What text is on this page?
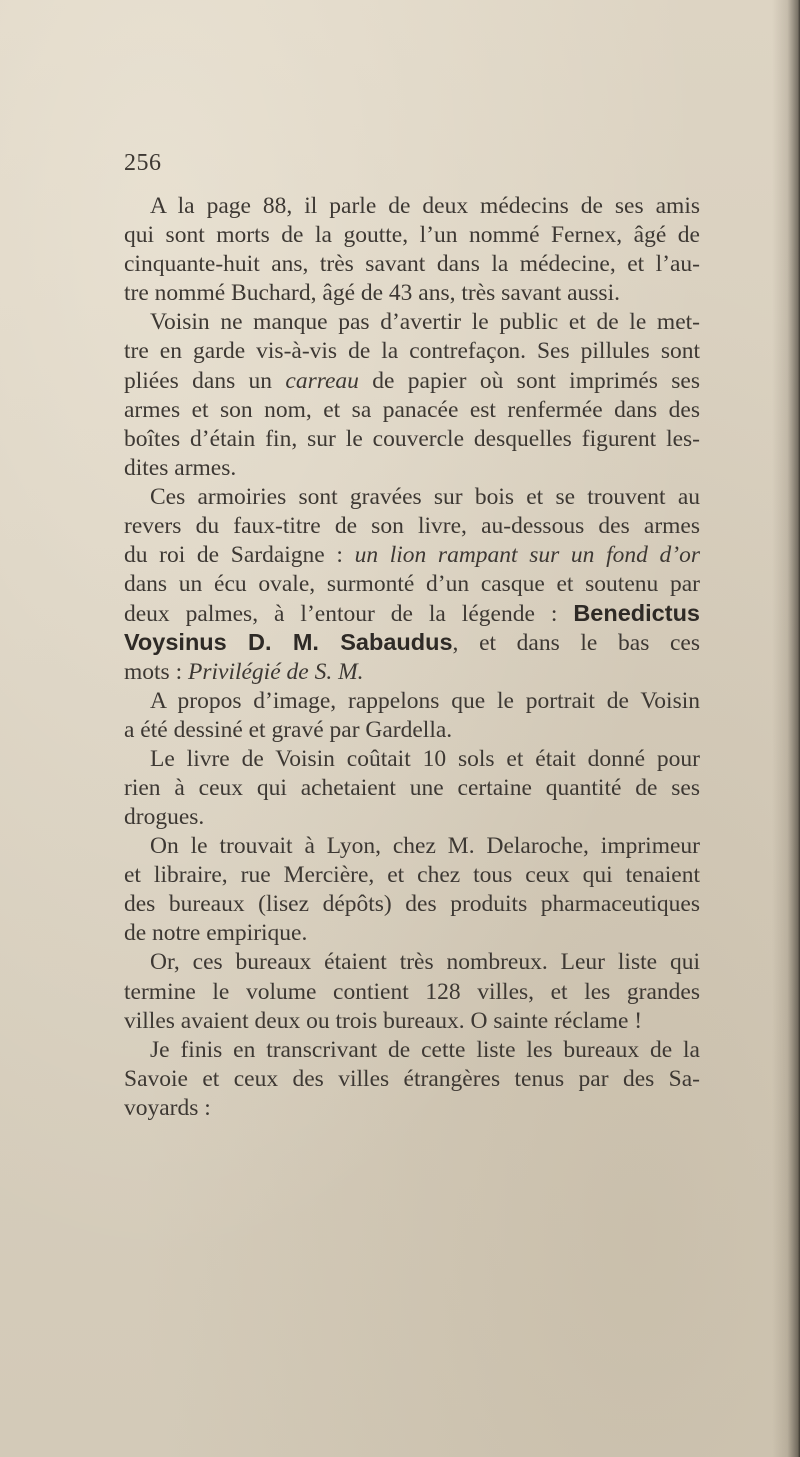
256
A la page 88, il parle de deux médecins de ses amis
qui sont morts de la goutte, l’un nommé Fernex, âgé de
cinquante-huit ans, très savant dans la médecine, et l’au-
tre nommé Buchard, âgé de 43 ans, très savant aussi.
Voisin ne manque pas d’avertir le public et de le met-
tre en garde vis-à-vis de la contrefaçon. Ses pillules sont
pliées dans un carreau de papier où sont imprimés ses
armes et son nom, et sa panacée est renfermée dans des
boîtes d’étain fin, sur le couvercle desquelles figurent les-
dites armes.
Ces armoiries sont gravées sur bois et se trouvent au
revers du faux-titre de son livre, au-dessous des armes
du roi de Sardaigne : un lion rampant sur un fond d’or
dans un écu ovale, surmonté d’un casque et soutenu par
deux palmes, à l’entour de la légende : Benedictus
Voysinus D. M. Sabaudus, et dans le bas ces
mots : Privilégié de S. M.
A propos d’image, rappelons que le portrait de Voisin
a été dessiné et gravé par Gardella.
Le livre de Voisin coûtait 10 sols et était donné pour
rien à ceux qui achetaient une certaine quantité de ses
drogues.
On le trouvait à Lyon, chez M. Delaroche, imprimeur
et libraire, rue Mercière, et chez tous ceux qui tenaient
des bureaux (lisez dépôts) des produits pharmaceutiques
de notre empirique.
Or, ces bureaux étaient très nombreux. Leur liste qui
termine le volume contient 128 villes, et les grandes
villes avaient deux ou trois bureaux. O sainte réclame !
Je finis en transcrivant de cette liste les bureaux de la
Savoie et ceux des villes étrangères tenus par des Sa-
voyards :
